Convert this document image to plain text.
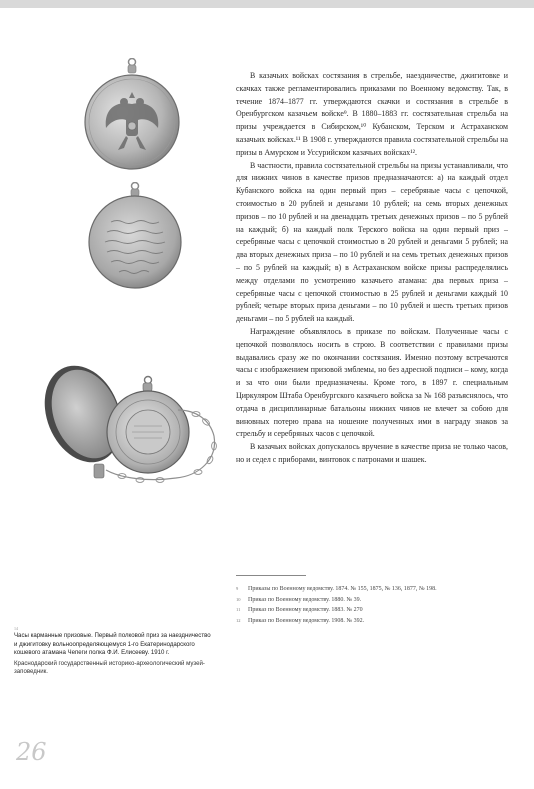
В казачьих войсках состязания в стрельбе, наездничестве, джигитовке и скачках также регламентировались приказами по Военному ведомству. Так, в течение 1874–1877 гг. утверждаются скачки и состязания в стрельбе в Оренбургском казачьем войске⁹. В 1880–1883 гг. состязательная стрельба на призы учреждается в Сибирском,¹⁰ Кубанском, Терском и Астраханском казачьих войсках.¹¹ В 1908 г. утверждаются правила состязательной стрельбы на призы в Амурском и Уссурийском казачьих войсках¹².

В частности, правила состязательной стрельбы на призы устанавливали, что для нижних чинов в качестве призов предназначаются: а) на каждый отдел Кубанского войска на один первый приз – серебряные часы с цепочкой, стоимостью в 20 рублей и деньгами 10 рублей; на семь вторых денежных призов – по 10 рублей и на двенадцать третьих денежных призов – по 5 рублей на каждый; б) на каждый полк Терского войска на один первый приз – серебряные часы с цепочкой стоимостью в 20 рублей и деньгами 5 рублей; на два вторых денежных приза – по 10 рублей и на семь третьих денежных призов – по 5 рублей на каждый; в) в Астраханском войске призы распределялись между отделами по усмотрению казачьего атамана: два первых приза – серебряные часы с цепочкой стоимостью в 25 рублей и деньгами каждый 10 рублей; четыре вторых приза деньгами – по 10 рублей и шесть третьих призов деньгами – по 5 рублей на каждый.

Награждение объявлялось в приказе по войскам. Полученные часы с цепочкой позволялось носить в строю. В соответствии с правилами призы выдавались сразу же по окончании состязания. Именно поэтому встречаются часы с изображением призовой эмблемы, но без адресной подписи – кому, когда и за что они были предназначены. Кроме того, в 1897 г. специальным Циркуляром Штаба Оренбургского казачьего войска за № 168 разъяснялось, что отдача в дисциплинарные батальоны нижних чинов не влечет за собою для виновных потерю права на ношение полученных ими в награду знаков за стрельбу и серебряных часов с цепочкой.

В казачьих войсках допускалось вручение в качестве приза не только часов, но и седел с приборами, винтовок с патронами и шашек.

9	Приказы по Военному ведомству. 1874. № 155, 1875, № 136, 1877, № 198.
10	Приказ по Военному ведомству. 1880. № 39.
11	Приказ по Военному ведомству. 1883. № 270
12	Приказ по Военному ведомству. 1908. № 392.
14
Часы карманные призовые. Первый полковой приз за наездничество и джигитовку вольноопределяющемуся 1-го Екатеринодарского кошевого атамана Чепеги полка Ф.И. Елисееву. 1910 г.
Краснодарский государственный историко-археологический музей-заповедник.
26
